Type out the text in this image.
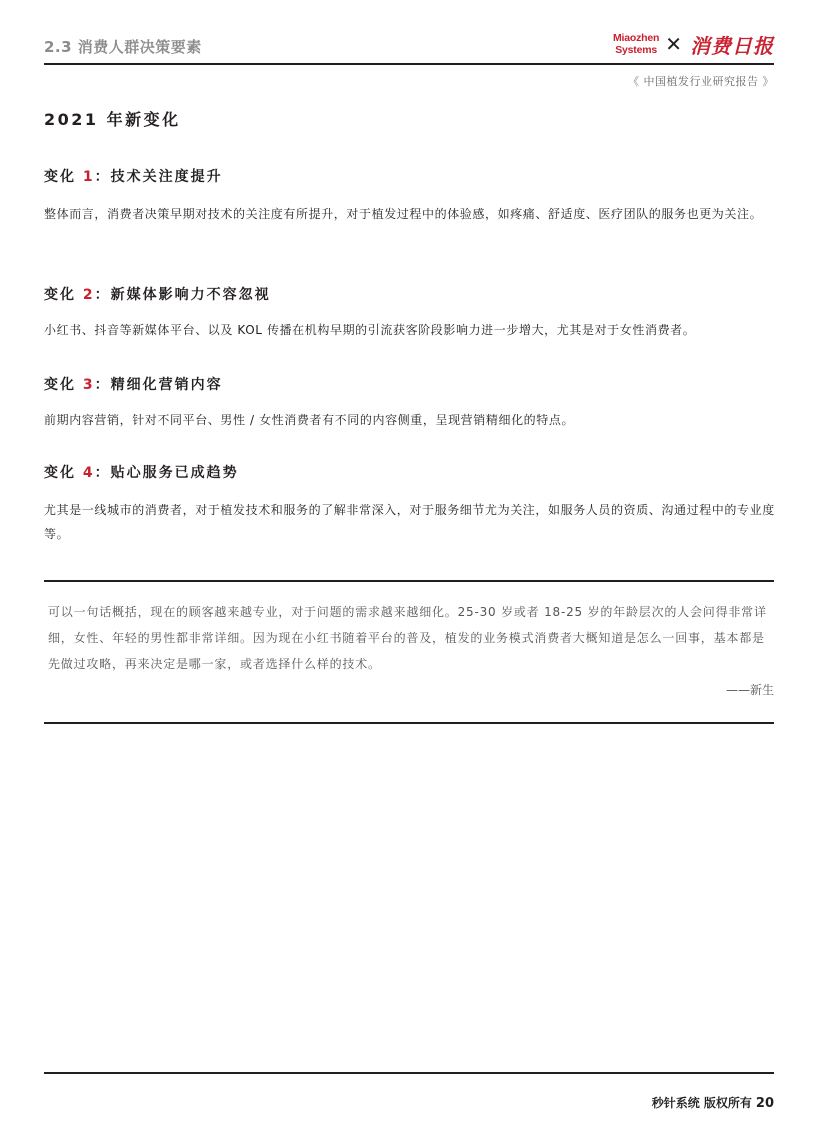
2.3 消费人群决策要素	Miaozhen
Systems ✕ 消费日报
《 中国植发行业研究报告 》
2021 年新变化
变化 1：技术关注度提升
整体而言，消费者决策早期对技术的关注度有所提升，对于植发过程中的体验感，如疼痛、舒适度、医疗团队的服务也更为关注。
变化 2：新媒体影响力不容忽视
小红书、抖音等新媒体平台、以及 KOL 传播在机构早期的引流获客阶段影响力进一步增大，尤其是对于女性消费者。
变化 3：精细化营销内容
前期内容营销，针对不同平台、男性 / 女性消费者有不同的内容侧重，呈现营销精细化的特点。
变化 4：贴心服务已成趋势
尤其是一线城市的消费者，对于植发技术和服务的了解非常深入，对于服务细节尤为关注，如服务人员的资质、沟通过程中的专业度等。
可以一句话概括，现在的顾客越来越专业，对于问题的需求越来越细化。25-30 岁或者 18-25 岁的年龄层次的人会问得非常详细，女性、年轻的男性都非常详细。因为现在小红书随着平台的普及，植发的业务模式消费者大概知道是怎么一回事，基本都是先做过攻略，再来决定是哪一家，或者选择什么样的技术。
——新生
秒针系统 版权所有 20
